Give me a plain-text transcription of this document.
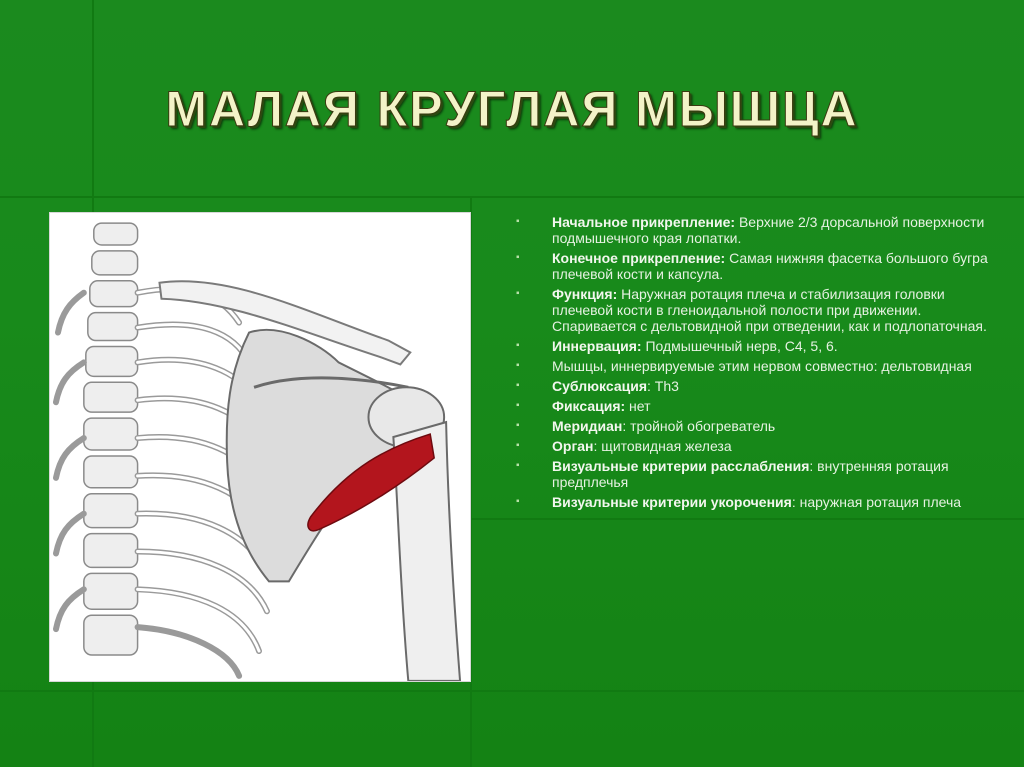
МАЛАЯ КРУГЛАЯ МЫШЦА
▪ Начальное прикрепление: Верхние 2/3 дорсальной поверхности подмышечного края лопатки.
▪ Конечное прикрепление: Самая нижняя фасетка большого бугра плечевой кости и капсула.
▪ Функция: Наружная ротация плеча и стабилизация головки плечевой кости в гленоидальной полости при движении. Спаривается с дельтовидной при отведении, как и подлопаточная.
▪ Иннервация: Подмышечный нерв, С4, 5, 6.
▪ Мышцы, иннервируемые этим нервом совместно: дельтовидная
▪ Сублюксация: Th3
▪ Фиксация: нет
▪ Меридиан: тройной обогреватель
▪ Орган: щитовидная железа
▪ Визуальные критерии расслабления: внутренняя ротация предплечья
▪ Визуальные критерии укорочения: наружная ротация плеча
